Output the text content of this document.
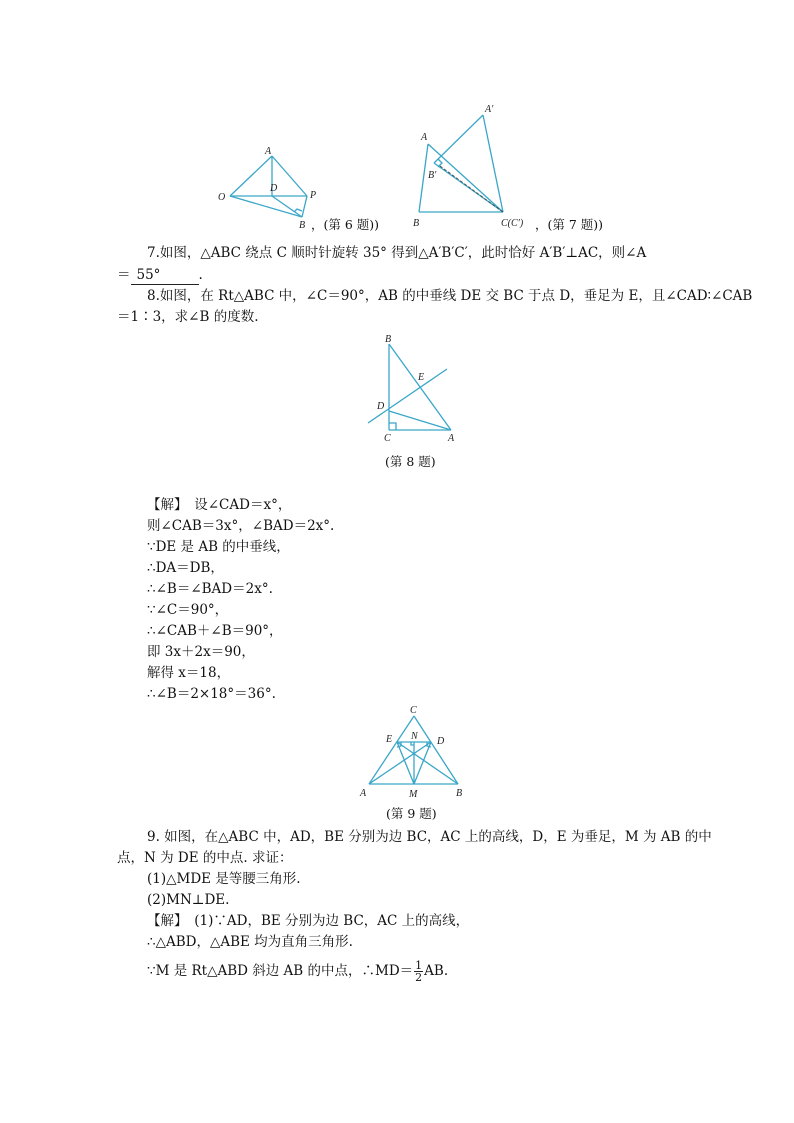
A
O
D
P
B ，(第 6 题))
A′
A
B′
B	C(C′) ，(第 7 题))
7.如图，△ABC 绕点 C 顺时针旋转 35° 得到△A′B′C′，此时恰好 A′B′⊥AC，则∠A
＝ 55°	.
8.如图，在 Rt△ABC 中，∠C＝90°，AB 的中垂线 DE 交 BC 于点 D，垂足为 E，且∠CAD∶∠CAB
＝1∶3，求∠B 的度数.
B
E
D
C	A
(第 8 题)
【解】　设∠CAD＝x°，
则∠CAB＝3x°，∠BAD＝2x°.
∵DE 是 AB 的中垂线，
∴DA＝DB，
∴∠B＝∠BAD＝2x°.
∵∠C＝90°，
∴∠CAB＋∠B＝90°，
即 3x＋2x＝90，
解得 x＝18，
∴∠B＝2×18°＝36°.
C
E N D
A	M	B
(第 9 题)
9. 如图，在△ABC 中，AD，BE 分别为边 BC，AC 上的高线，D，E 为垂足，M 为 AB 的中
点，N 为 DE 的中点. 求证：
(1)△MDE 是等腰三角形.
(2)MN⊥DE.
【解】　(1)∵AD，BE 分别为边 BC，AC 上的高线，
∴△ABD，△ABE 均为直角三角形.
∵M 是 Rt△ABD 斜边 AB 的中点，∴MD＝ $\frac{1}{2}$ AB.
